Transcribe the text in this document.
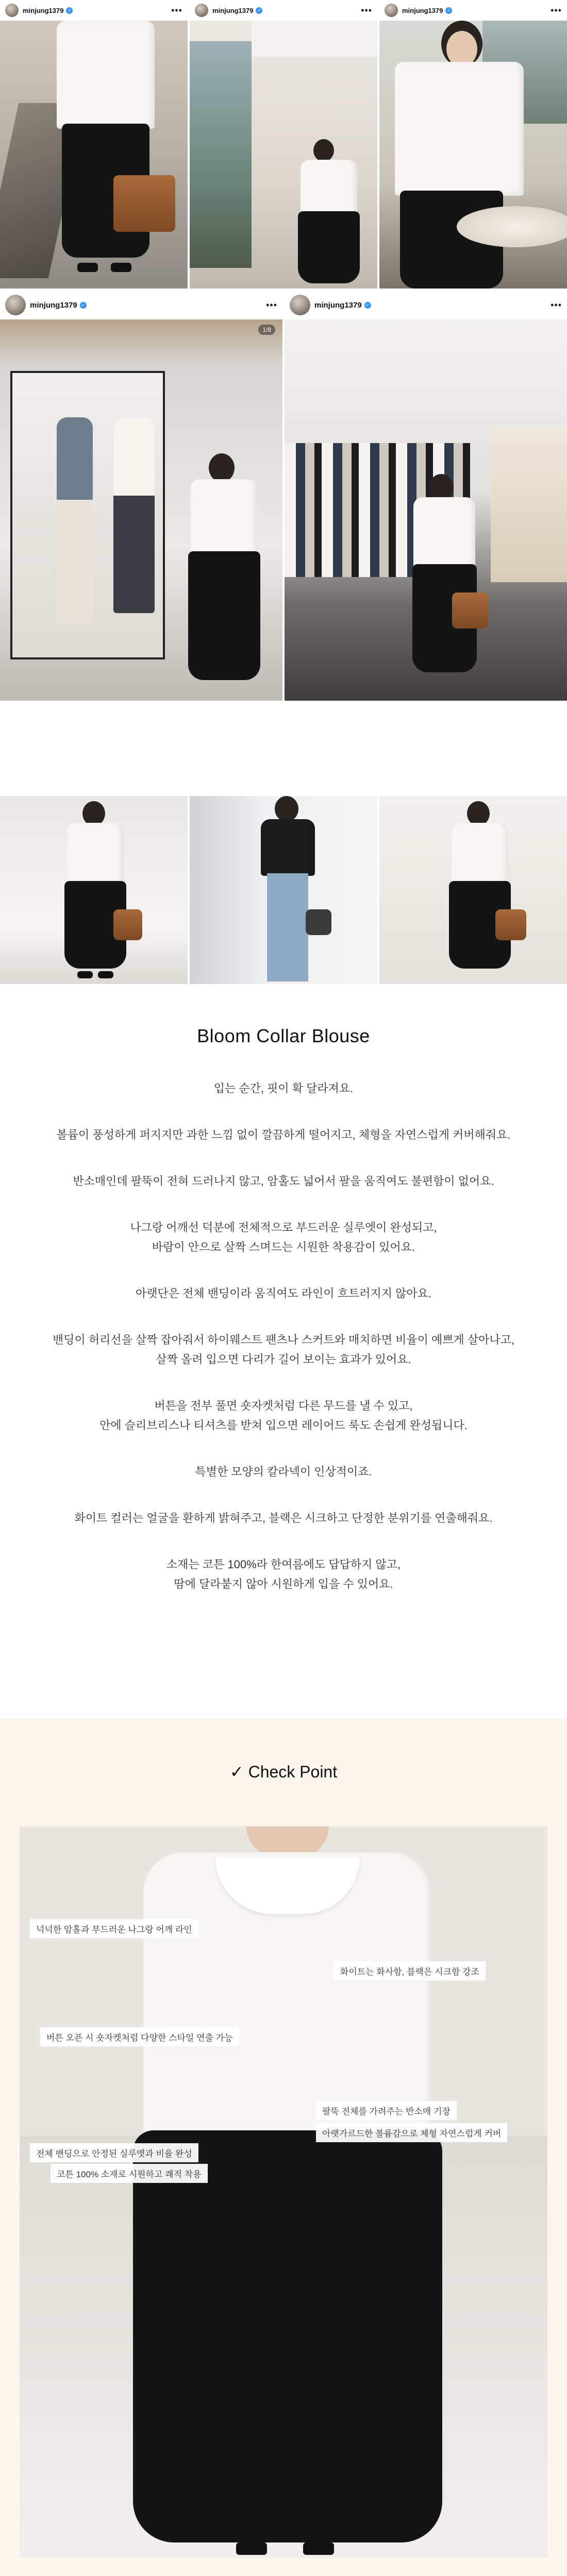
minjung1379 ✓	•••	minjung1379 ✓	•••	minjung1379 ✓	•••
minjung1379 ✓	•••
1/8
minjung1379 ✓	•••
Bloom Collar Blouse

입는 순간, 핏이 확 달라져요.

볼륨이 풍성하게 퍼지지만 과한 느낌 없이 깔끔하게 떨어지고, 체형을 자연스럽게 커버해줘요.

반소매인데 팔뚝이 전혀 드러나지 않고, 암홀도 넓어서 팔을 움직여도 불편함이 없어요.

나그랑 어깨선 덕분에 전체적으로 부드러운 실루엣이 완성되고,
바람이 안으로 살짝 스며드는 시원한 착용감이 있어요.

아랫단은 전체 밴딩이라 움직여도 라인이 흐트러지지 않아요.

밴딩이 허리선을 살짝 잡아줘서 하이웨스트 팬츠나 스커트와 매치하면 비율이 예쁘게 살아나고,
살짝 올려 입으면 다리가 길어 보이는 효과가 있어요.

버튼을 전부 풀면 숏자켓처럼 다른 무드를 낼 수 있고,
안에 슬리브리스나 티셔츠를 받쳐 입으면 레이어드 룩도 손쉽게 완성됩니다.

특별한 모양의 칼라넥이 인상적이죠.

화이트 컬러는 얼굴을 환하게 밝혀주고, 블랙은 시크하고 단정한 분위기를 연출해줘요.

소재는 코튼 100%라 한여름에도 답답하지 않고,
땀에 달라붙지 않아 시원하게 입을 수 있어요.

✓ Check Point
넉넉한 암홀과 부드러운 나그랑 어깨 라인
화이트는 화사함, 블랙은 시크함 강조
버튼 오픈 시 숏자켓처럼 다양한 스타일 연출 가능
팔뚝 전체를 가려주는 반소매 기장
아랫가르드한 볼륨감으로 체형 자연스럽게 커버
전체 밴딩으로 안정된 실루엣과 비율 완성
코튼 100% 소재로 시원하고 쾌적 착용
